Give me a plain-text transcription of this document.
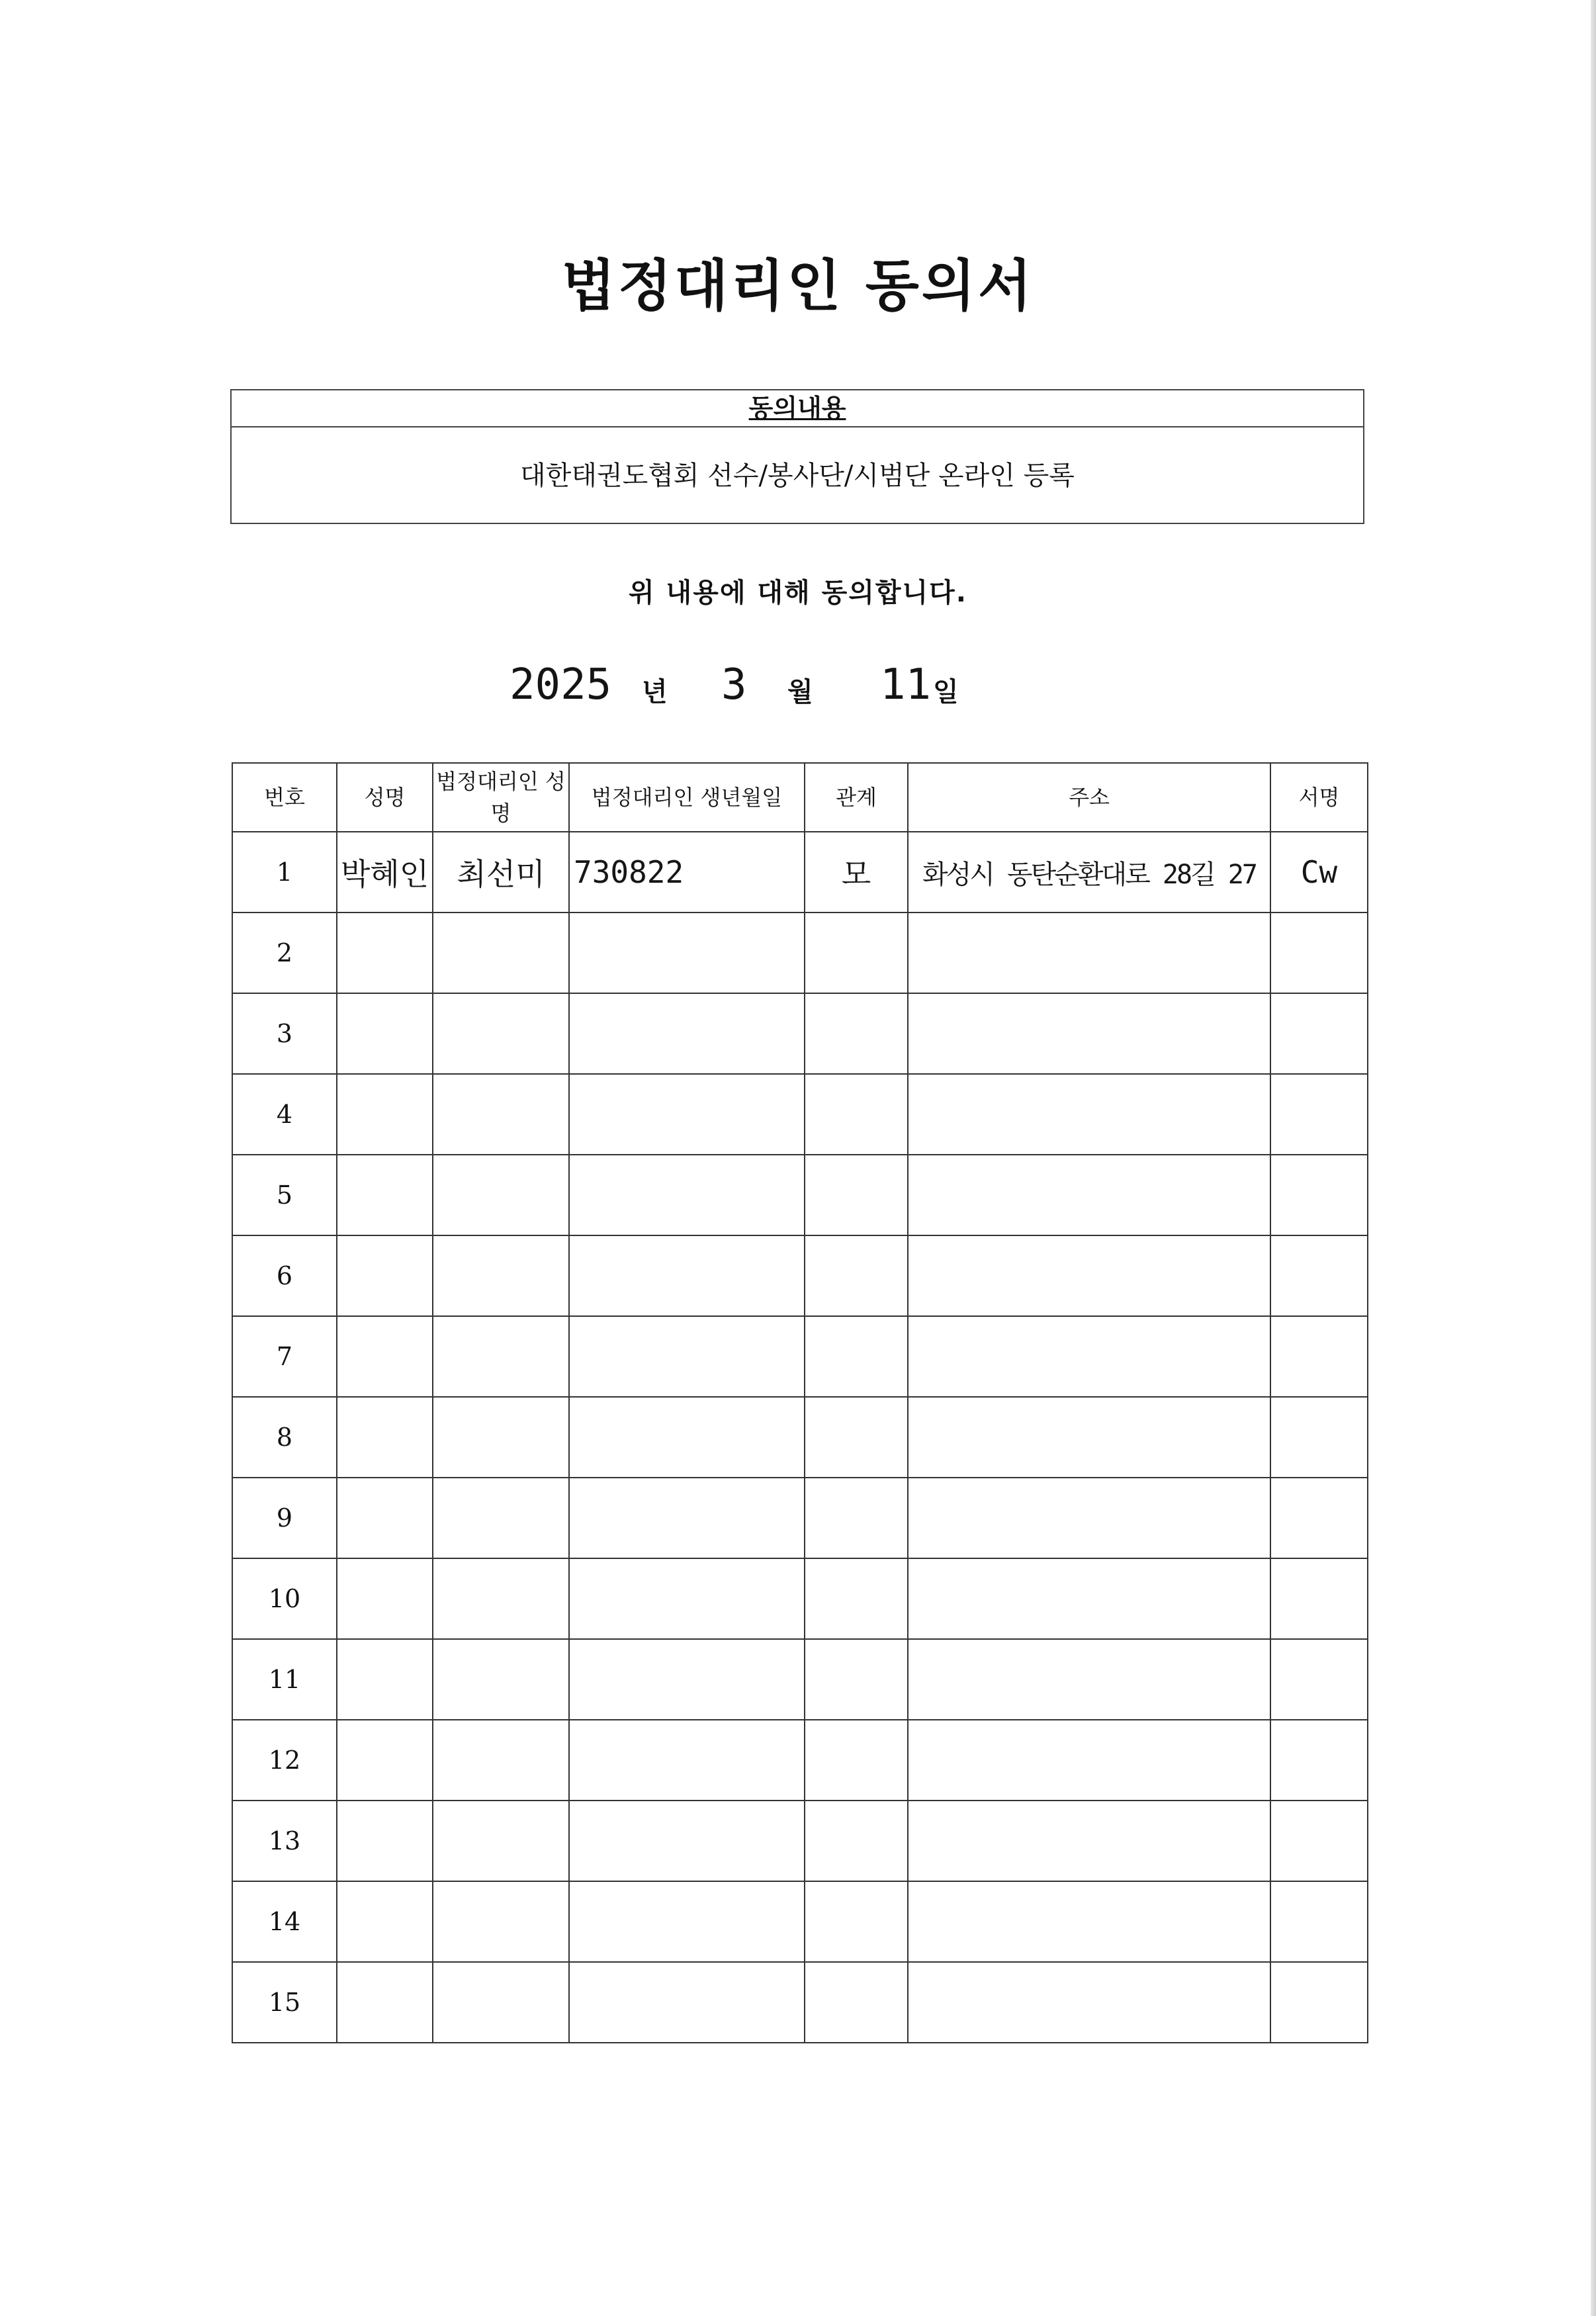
법정대리인 동의서
동의내용
대한태권도협회 선수/봉사단/시범단 온라인 등록
위 내용에 대해 동의합니다.
2025 년 3 월 11 일
번호	성명	법정대리인 성명	법정대리인 생년월일	관계	주소	서명
1	박혜인	최선미	730822	모	화성시 동탄순환대로 28길 27	Cw
2						
3						
4						
5						
6						
7						
8						
9						
10						
11						
12						
13						
14						
15						
